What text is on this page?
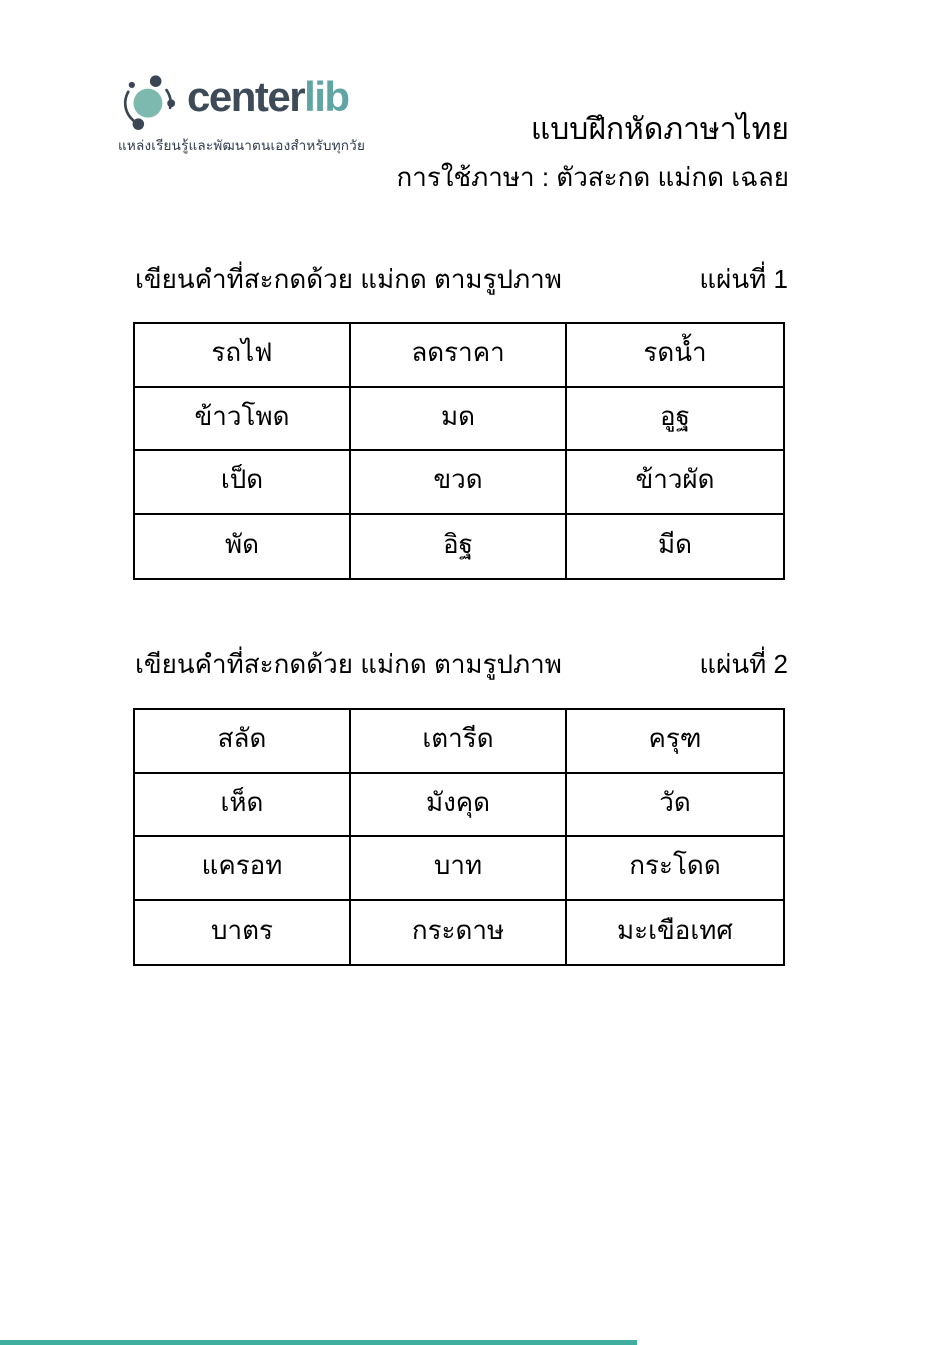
centerlib
แหล่งเรียนรู้และพัฒนาตนเองสำหรับทุกวัย	แบบฝึกหัดภาษาไทย
การใช้ภาษา : ตัวสะกด แม่กด เฉลย
เขียนคำที่สะกดด้วย แม่กด ตามรูปภาพ	แผ่นที่ 1
รถไฟ	ลดราคา	รดน้ำ
ข้าวโพด	มด	อูฐ
เป็ด	ขวด	ข้าวผัด
พัด	อิฐ	มีด
เขียนคำที่สะกดด้วย แม่กด ตามรูปภาพ	แผ่นที่ 2
สลัด	เตารีด	ครุฑ
เห็ด	มังคุด	วัด
แครอท	บาท	กระโดด
บาตร	กระดาษ	มะเขือเทศ
